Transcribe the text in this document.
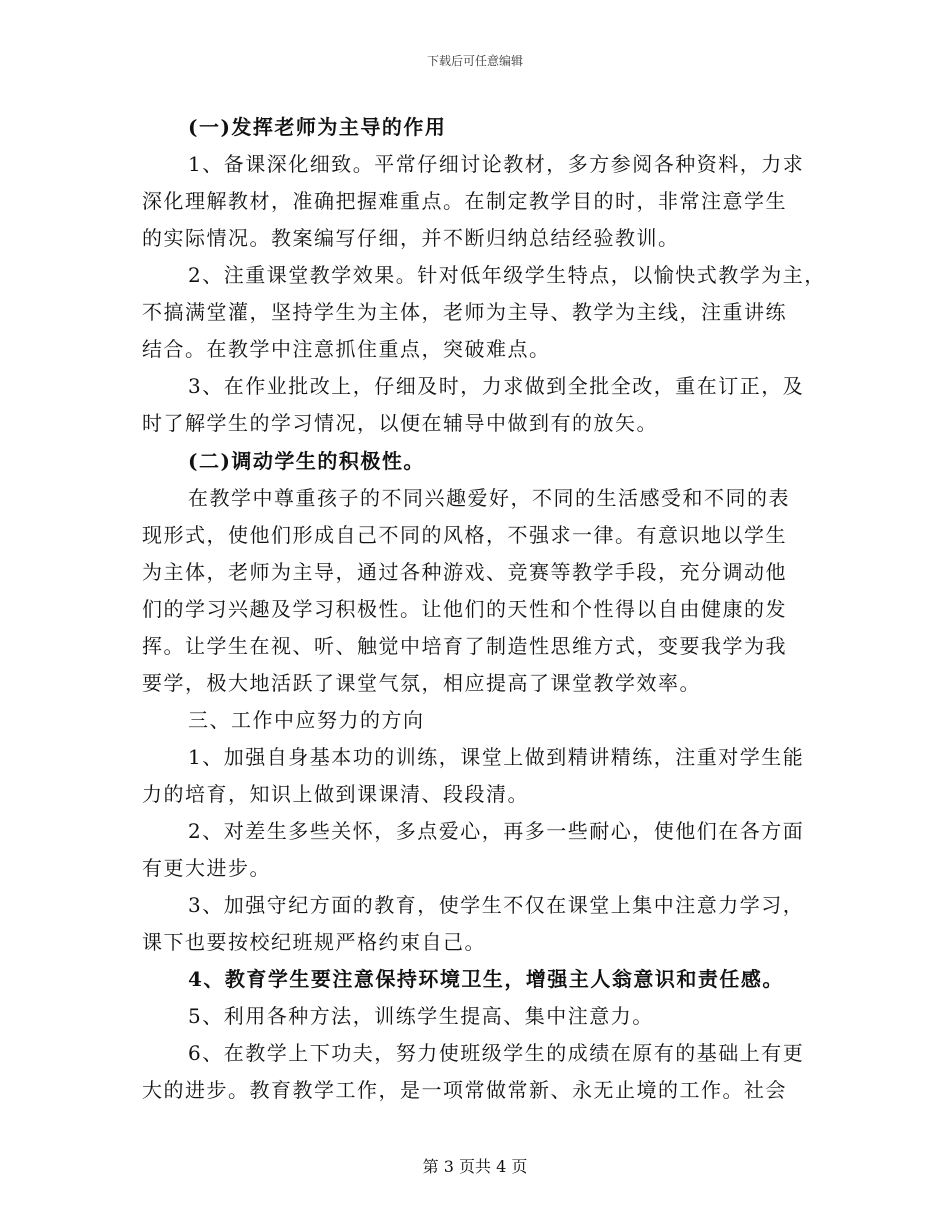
下载后可任意编辑
(一)发挥老师为主导的作用
1、备课深化细致。平常仔细讨论教材，多方参阅各种资料，力求
深化理解教材，准确把握难重点。在制定教学目的时，非常注意学生
的实际情况。教案编写仔细，并不断归纳总结经验教训。
2、注重课堂教学效果。针对低年级学生特点，以愉快式教学为主，
不搞满堂灌，坚持学生为主体，老师为主导、教学为主线，注重讲练
结合。在教学中注意抓住重点，突破难点。
3、在作业批改上，仔细及时，力求做到全批全改，重在订正，及
时了解学生的学习情况，以便在辅导中做到有的放矢。
(二)调动学生的积极性。
在教学中尊重孩子的不同兴趣爱好，不同的生活感受和不同的表
现形式，使他们形成自己不同的风格，不强求一律。有意识地以学生
为主体，老师为主导，通过各种游戏、竞赛等教学手段，充分调动他
们的学习兴趣及学习积极性。让他们的天性和个性得以自由健康的发
挥。让学生在视、听、触觉中培育了制造性思维方式，变要我学为我
要学，极大地活跃了课堂气氛，相应提高了课堂教学效率。
三、工作中应努力的方向
1、加强自身基本功的训练，课堂上做到精讲精练，注重对学生能
力的培育，知识上做到课课清、段段清。
2、对差生多些关怀，多点爱心，再多一些耐心，使他们在各方面
有更大进步。
3、加强守纪方面的教育，使学生不仅在课堂上集中注意力学习，
课下也要按校纪班规严格约束自己。
4、教育学生要注意保持环境卫生，增强主人翁意识和责任感。
5、利用各种方法，训练学生提高、集中注意力。
6、在教学上下功夫，努力使班级学生的成绩在原有的基础上有更
大的进步。教育教学工作，是一项常做常新、永无止境的工作。社会
第 3 页共 4 页
